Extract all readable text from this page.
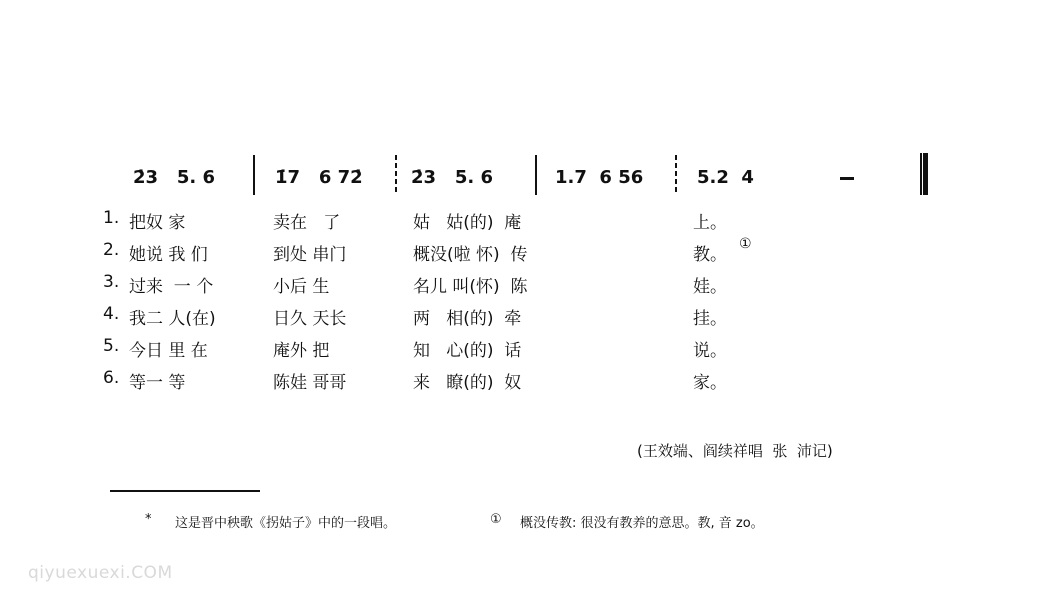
2̇3   5. 6	1̇7   6 72̇	2̇3   5. 6	1.7  6 56	5.2  4
1. 把奴 家	卖在   了	姑   姑(的)  庵	上。
2. 她说 我 们	到处 串门	概没(啦 怀)  传	教。
①
3. 过来  一 个	小后 生	名儿 叫(怀)  陈	娃。
4. 我二 人(在)	日久 天长	两   相(的)  牵	挂。
5. 今日 里 在	庵外 把	知   心(的)  话	说。
6. 等一 等	陈娃 哥哥	来   瞭(的)  奴	家。
(王效端、阎续祥唱  张  沛记)
* 这是晋中秧歌《拐姑子》中的一段唱。	① 概没传教: 很没有教养的意思。教, 音 zo。
qiyuexuexi.COM
